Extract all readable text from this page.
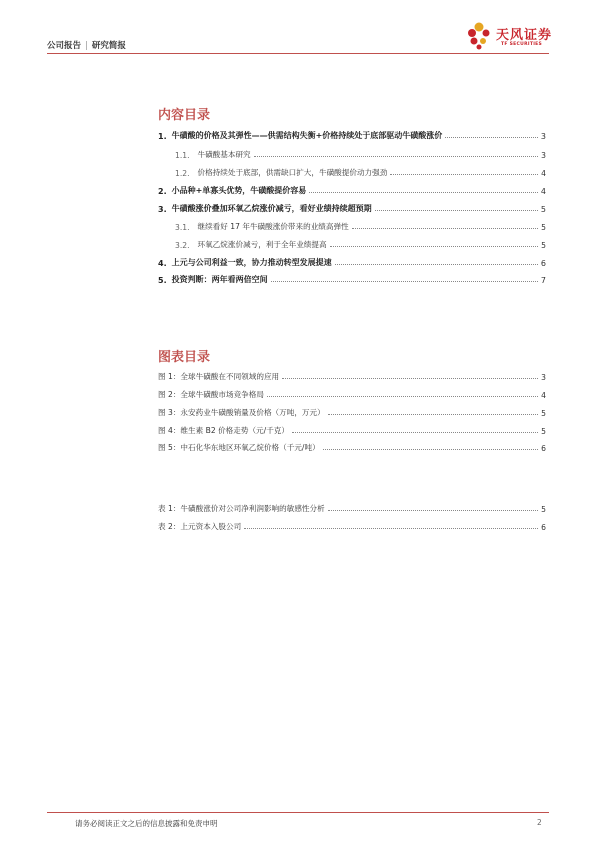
公司报告 | 研究简报
天风证券
TF SECURITIES
内容目录
1. 牛磺酸的价格及其弹性——供需结构失衡+价格持续处于底部驱动牛磺酸涨价	3
1.1. 牛磺酸基本研究	3
1.2. 价格持续处于底部，供需缺口扩大，牛磺酸提价动力强劲	4
2. 小品种+单寡头优势，牛磺酸提价容易	4
3. 牛磺酸涨价叠加环氧乙烷涨价减亏，看好业绩持续超预期	5
3.1. 继续看好 17 年牛磺酸涨价带来的业绩高弹性	5
3.2. 环氧乙烷涨价减亏，利于全年业绩提高	5
4. 上元与公司利益一致，协力推动转型发展提速	6
5. 投资判断：两年看两倍空间	7
图表目录
图 1：全球牛磺酸在不同领域的应用	3
图 2：全球牛磺酸市场竞争格局	4
图 3：永安药业牛磺酸销量及价格（万吨，万元）	5
图 4：维生素 B2 价格走势（元/千克）	5
图 5：中石化华东地区环氧乙烷价格（千元/吨）	6
表 1：牛磺酸涨价对公司净利润影响的敏感性分析	5
表 2：上元资本入股公司	6
请务必阅读正文之后的信息披露和免责申明	2
